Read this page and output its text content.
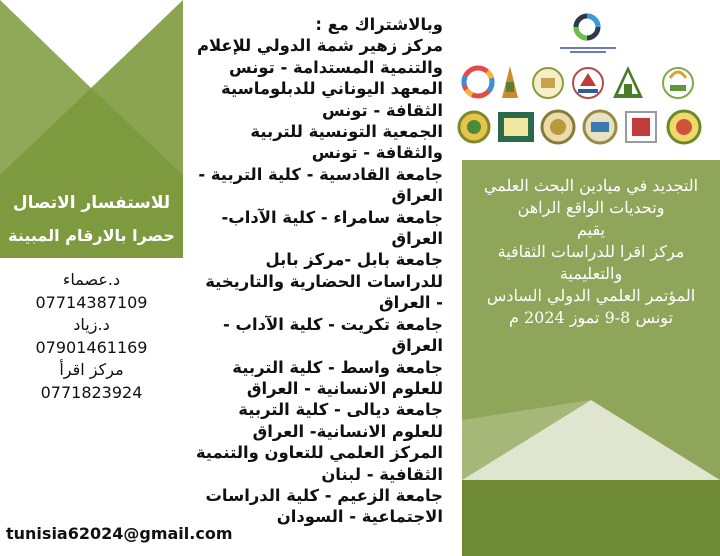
للاستفسار الاتصال
حصرا بالارقام المبينة
د.عصماء
07714387109
د.زياد
07901461169
مركز اقرأ
0771823924
وبالاشتراك مع :
مركز زهير شمة الدولي للإعلام والتنمية المستدامة - تونس
المعهد اليوناني للدبلوماسية الثقافة - تونس
الجمعية التونسية للتربية والثقافة - تونس
جامعة القادسية - كلية التربية - العراق
جامعة سامراء - كلية الآداب- العراق
جامعة بابل -مركز بابل للدراسات الحضارية والتاريخية - العراق
جامعة تكريت - كلية الآداب - العراق
جامعة واسط - كلية التربية للعلوم الانسانية - العراق
جامعة ديالى - كلية التربية للعلوم الانسانية- العراق
المركز العلمي للتعاون والتنمية الثقافية - لبنان
جامعة الزعيم - كلية الدراسات الاجتماعية - السودان
tunisia62024@gmail.com
التجديد في ميادين البحث العلمي
وتحديات الواقع الراهن
يقيم
مركز اقرا للدراسات الثقافية
والتعليمية
المؤتمر العلمي الدولي السادس
تونس 8-9 تموز 2024 م
